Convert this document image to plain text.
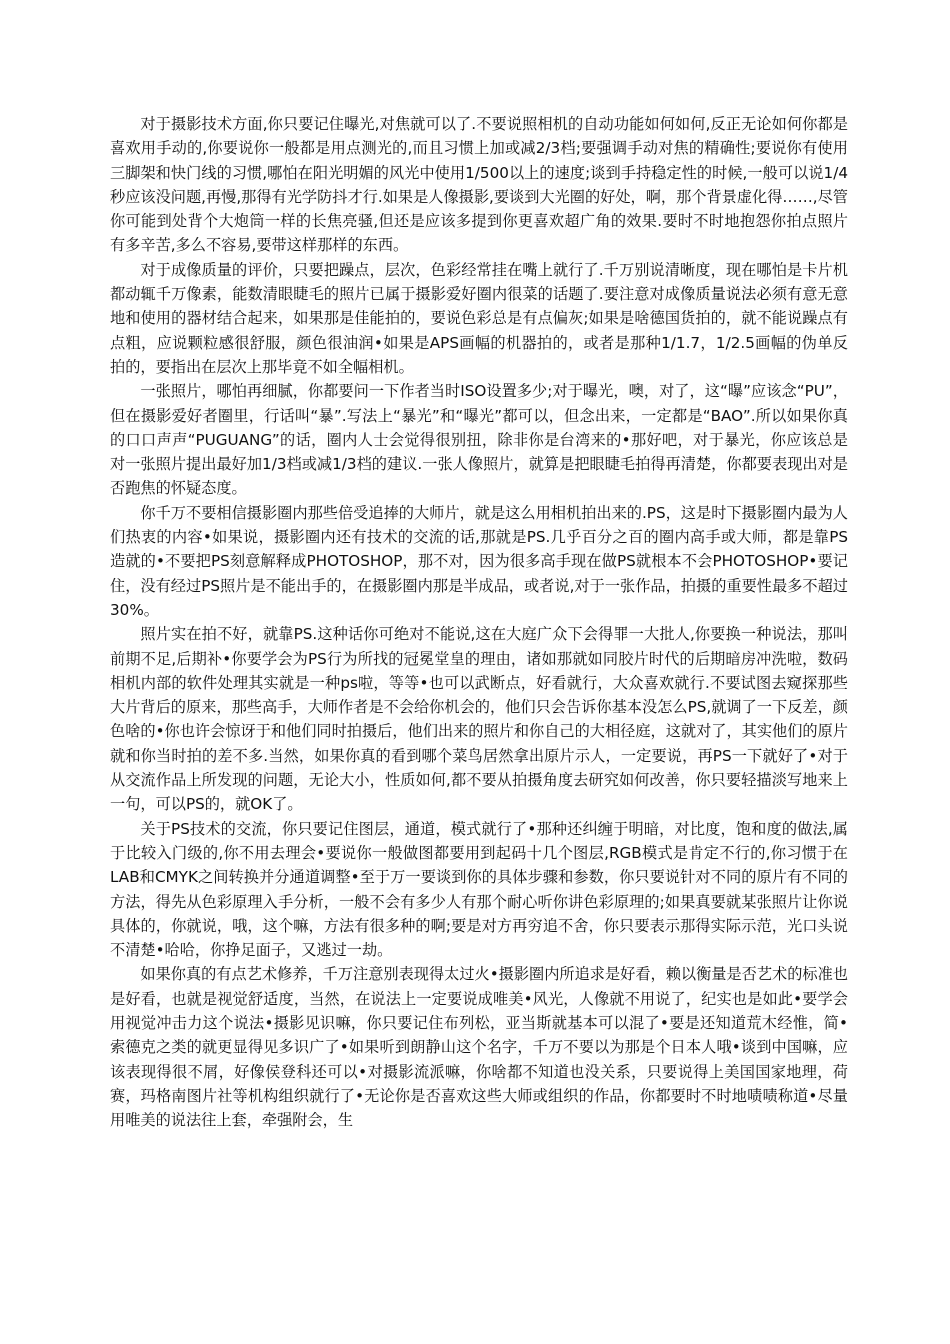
对于摄影技术方面,你只要记住曝光,对焦就可以了.不要说照相机的自动功能如何如何,反正无论如何你都是喜欢用手动的,你要说你一般都是用点测光的,而且习惯上加或减2/3档;要强调手动对焦的精确性;要说你有使用三脚架和快门线的习惯,哪怕在阳光明媚的风光中使用1/500以上的速度;谈到手持稳定性的时候,一般可以说1/4秒应该没问题,再慢,那得有光学防抖才行.如果是人像摄影,要谈到大光圈的好处，啊，那个背景虚化得……,尽管你可能到处背个大炮筒一样的长焦亮骚,但还是应该多提到你更喜欢超广角的效果.要时不时地抱怨你拍点照片有多辛苦,多么不容易,要带这样那样的东西。

对于成像质量的评价，只要把躁点，层次，色彩经常挂在嘴上就行了.千万别说清晰度，现在哪怕是卡片机都动辄千万像素，能数清眼睫毛的照片已属于摄影爱好圈内很菜的话题了.要注意对成像质量说法必须有意无意地和使用的器材结合起来，如果那是佳能拍的，要说色彩总是有点偏灰;如果是啥德国货拍的，就不能说躁点有点粗，应说颗粒感很舒服，颜色很油润•如果是APS画幅的机器拍的，或者是那种1/1.7，1/2.5画幅的伪单反拍的，要指出在层次上那毕竟不如全幅相机。

一张照片，哪怕再细腻，你都要问一下作者当时ISO设置多少;对于曝光，噢，对了，这“曝”应该念“PU”，但在摄影爱好者圈里，行话叫“暴”.写法上“暴光”和“曝光”都可以，但念出来，一定都是“BAO”.所以如果你真的口口声声“PUGUANG”的话，圈内人士会觉得很别扭，除非你是台湾来的•那好吧，对于暴光，你应该总是对一张照片提出最好加1/3档或减1/3档的建议.一张人像照片，就算是把眼睫毛拍得再清楚，你都要表现出对是否跑焦的怀疑态度。

你千万不要相信摄影圈内那些倍受追捧的大师片，就是这么用相机拍出来的.PS，这是时下摄影圈内最为人们热衷的内容•如果说，摄影圈内还有技术的交流的话,那就是PS.几乎百分之百的圈内高手或大师，都是靠PS造就的•不要把PS刻意解释成PHOTOSHOP，那不对，因为很多高手现在做PS就根本不会PHOTOSHOP•要记住，没有经过PS照片是不能出手的，在摄影圈内那是半成品，或者说,对于一张作品，拍摄的重要性最多不超过30%。

照片实在拍不好，就靠PS.这种话你可绝对不能说,这在大庭广众下会得罪一大批人,你要换一种说法，那叫前期不足,后期补•你要学会为PS行为所找的冠冕堂皇的理由，诸如那就如同胶片时代的后期暗房冲洗啦，数码相机内部的软件处理其实就是一种ps啦，等等•也可以武断点，好看就行，大众喜欢就行.不要试图去窥探那些大片背后的原来，那些高手，大师作者是不会给你机会的，他们只会告诉你基本没怎么PS,就调了一下反差，颜色啥的•你也许会惊讶于和他们同时拍摄后，他们出来的照片和你自己的大相径庭，这就对了，其实他们的原片就和你当时拍的差不多.当然，如果你真的看到哪个菜鸟居然拿出原片示人，一定要说，再PS一下就好了•对于从交流作品上所发现的问题，无论大小，性质如何,都不要从拍摄角度去研究如何改善，你只要轻描淡写地来上一句，可以PS的，就OK了。

关于PS技术的交流，你只要记住图层，通道，模式就行了•那种还纠缠于明暗，对比度，饱和度的做法,属于比较入门级的,你不用去理会•要说你一般做图都要用到起码十几个图层,RGB模式是肯定不行的,你习惯于在LAB和CMYK之间转换并分通道调整•至于万一要谈到你的具体步骤和参数，你只要说针对不同的原片有不同的方法，得先从色彩原理入手分析，一般不会有多少人有那个耐心听你讲色彩原理的;如果真要就某张照片让你说具体的，你就说，哦，这个嘛，方法有很多种的啊;要是对方再穷追不舍，你只要表示那得实际示范，光口头说不清楚•哈哈，你挣足面子，又逃过一劫。

如果你真的有点艺术修养，千万注意别表现得太过火•摄影圈内所追求是好看，赖以衡量是否艺术的标准也是好看，也就是视觉舒适度，当然，在说法上一定要说成唯美•风光，人像就不用说了，纪实也是如此•要学会用视觉冲击力这个说法•摄影见识嘛，你只要记住布列松，亚当斯就基本可以混了•要是还知道荒木经惟，简•索德克之类的就更显得见多识广了•如果听到朗静山这个名字，千万不要以为那是个日本人哦•谈到中国嘛，应该表现得很不屑，好像侯登科还可以•对摄影流派嘛，你啥都不知道也没关系，只要说得上美国国家地理，荷赛，玛格南图片社等机构组织就行了•无论你是否喜欢这些大师或组织的作品，你都要时不时地啧啧称道•尽量用唯美的说法往上套，牵强附会，生
